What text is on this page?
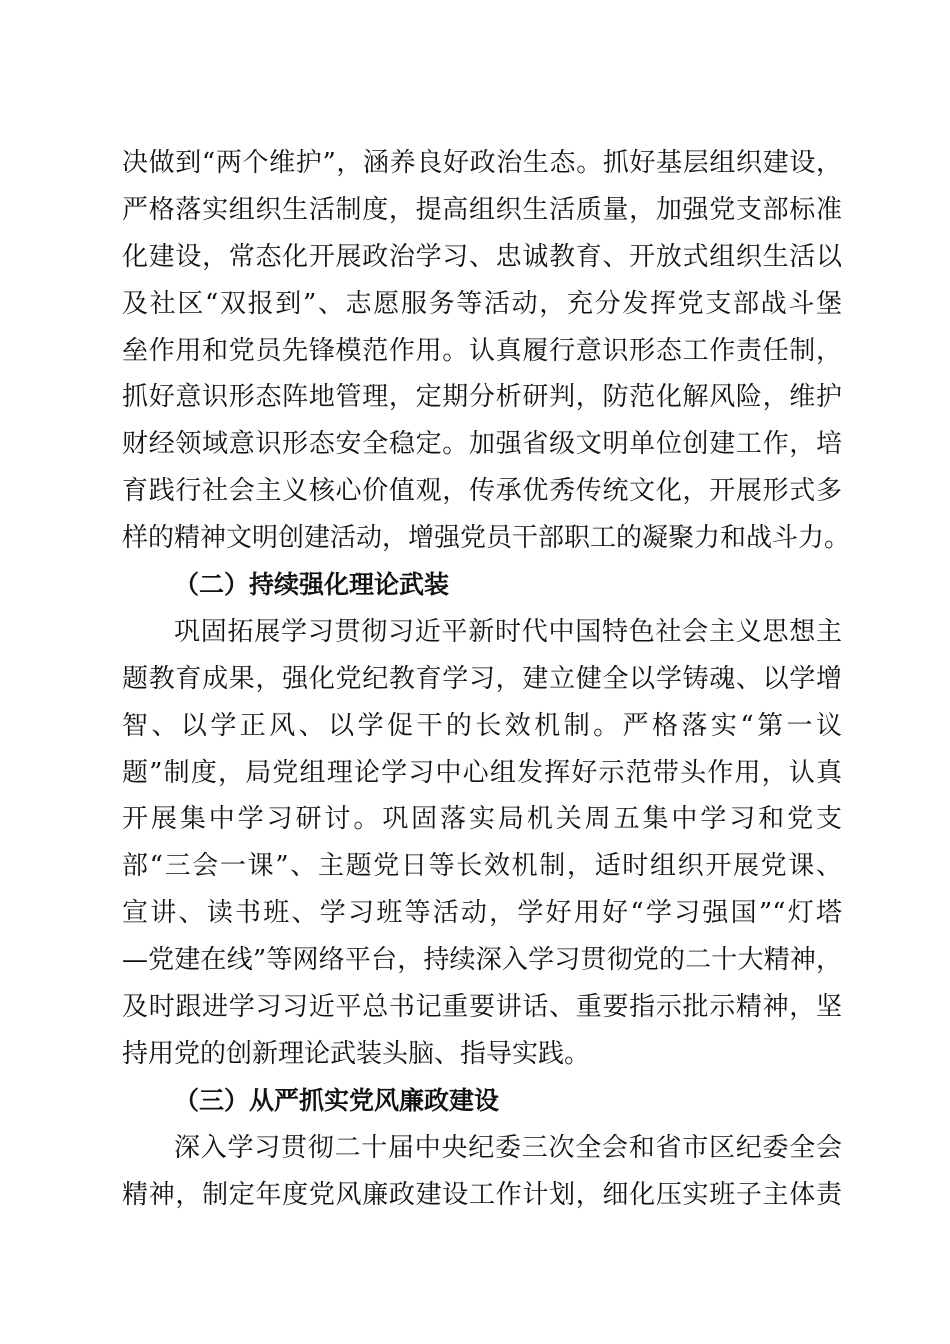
决做到“两个维护”，涵养良好政治生态。抓好基层组织建设，
严格落实组织生活制度，提高组织生活质量，加强党支部标准
化建设，常态化开展政治学习、忠诚教育、开放式组织生活以
及社区“双报到”、志愿服务等活动，充分发挥党支部战斗堡
垒作用和党员先锋模范作用。认真履行意识形态工作责任制，
抓好意识形态阵地管理，定期分析研判，防范化解风险，维护
财经领域意识形态安全稳定。加强省级文明单位创建工作，培
育践行社会主义核心价值观，传承优秀传统文化，开展形式多
样的精神文明创建活动，增强党员干部职工的凝聚力和战斗力。
（二）持续强化理论武装
巩固拓展学习贯彻习近平新时代中国特色社会主义思想主
题教育成果，强化党纪教育学习，建立健全以学铸魂、以学增
智、以学正风、以学促干的长效机制。严格落实“第一议
题”制度，局党组理论学习中心组发挥好示范带头作用，认真
开展集中学习研讨。巩固落实局机关周五集中学习和党支
部“三会一课”、主题党日等长效机制，适时组织开展党课、
宣讲、读书班、学习班等活动，学好用好“学习强国”“灯塔
—党建在线”等网络平台，持续深入学习贯彻党的二十大精神，
及时跟进学习习近平总书记重要讲话、重要指示批示精神，坚
持用党的创新理论武装头脑、指导实践。
（三）从严抓实党风廉政建设
深入学习贯彻二十届中央纪委三次全会和省市区纪委全会
精神，制定年度党风廉政建设工作计划，细化压实班子主体责
